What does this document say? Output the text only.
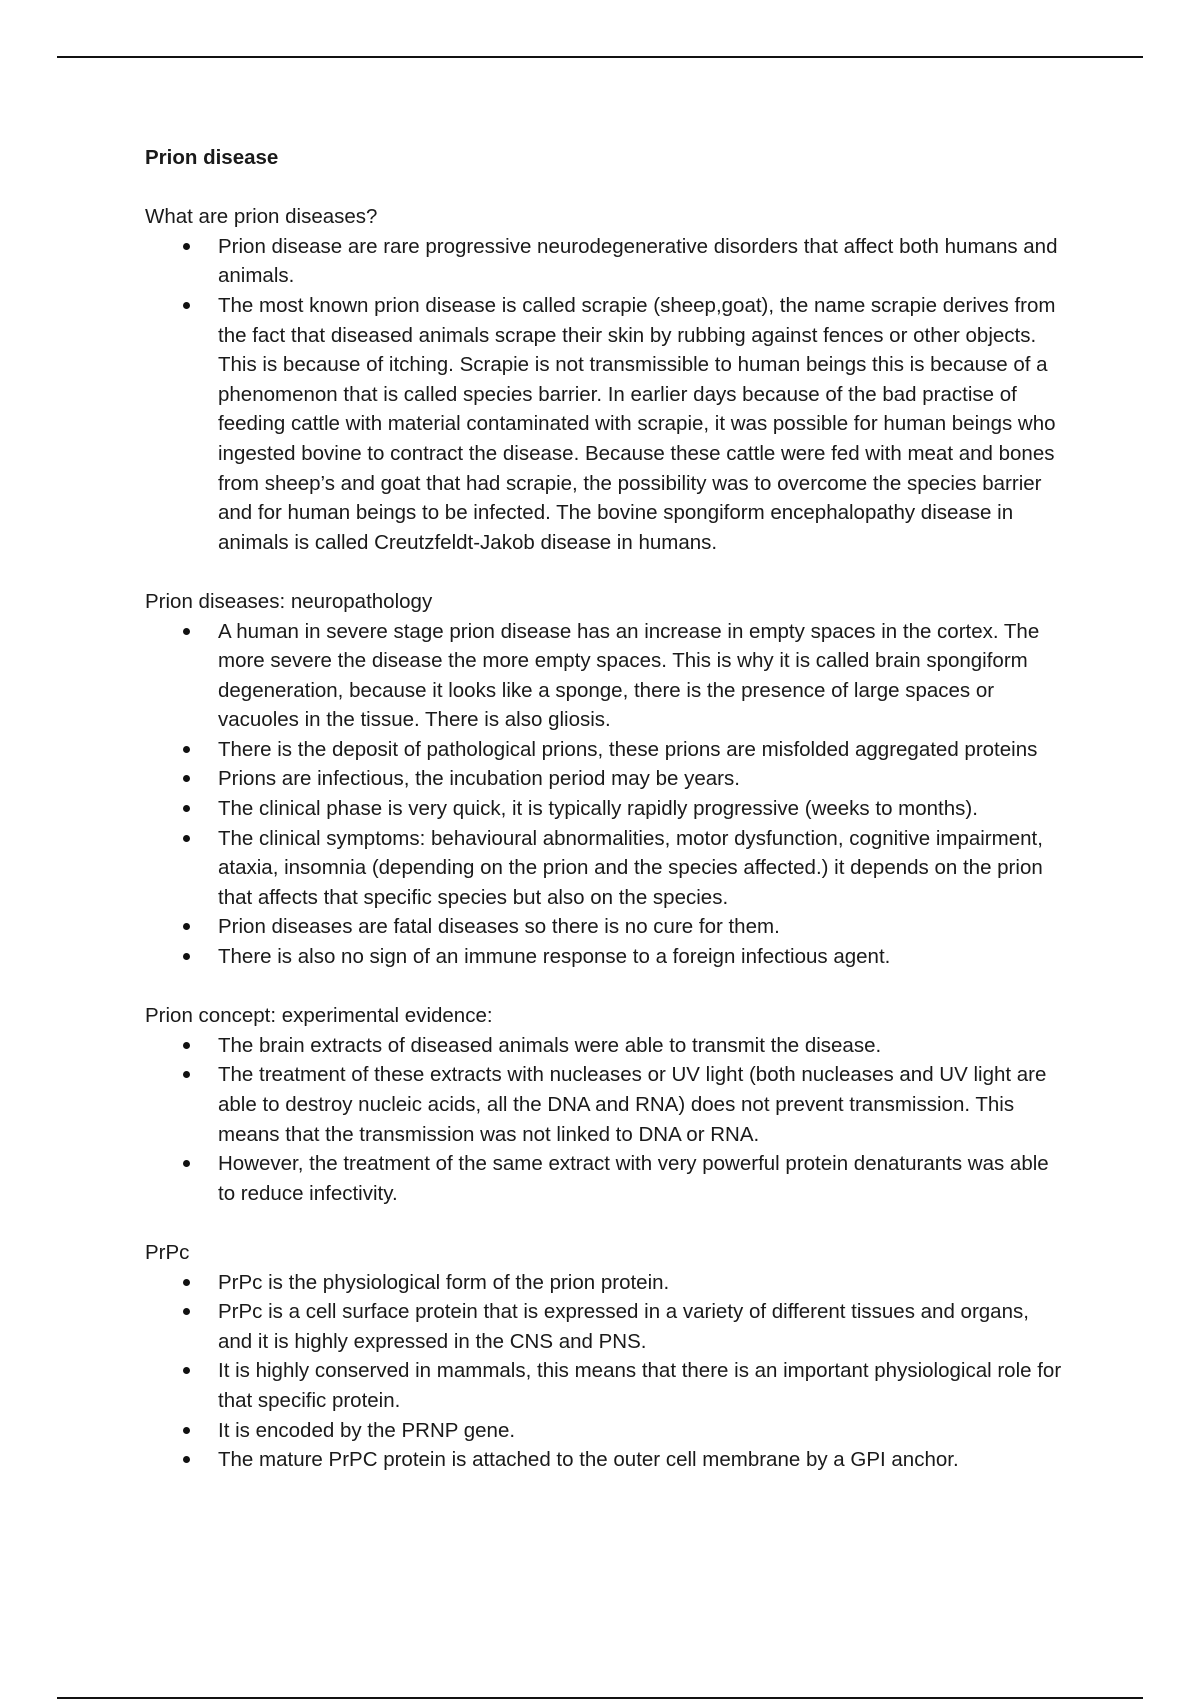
Prion disease
What are prion diseases?
Prion disease are rare progressive neurodegenerative disorders that affect both humans and animals.
The most known prion disease is called scrapie (sheep,goat), the name scrapie derives from the fact that diseased animals scrape their skin by rubbing against fences or other objects. This is because of itching. Scrapie is not transmissible to human beings this is because of a phenomenon that is called species barrier. In earlier days because of the bad practise of feeding cattle with material contaminated with scrapie, it was possible for human beings who ingested bovine to contract the disease. Because these cattle were fed with meat and bones from sheep’s and goat that had scrapie, the possibility was to overcome the species barrier and for human beings to be infected. The bovine spongiform encephalopathy disease in animals is called Creutzfeldt-Jakob disease in humans.
Prion diseases: neuropathology
A human in severe stage prion disease has an increase in empty spaces in the cortex. The more severe the disease the more empty spaces. This is why it is called brain spongiform degeneration, because it looks like a sponge, there is the presence of large spaces or vacuoles in the tissue. There is also gliosis.
There is the deposit of pathological prions, these prions are misfolded aggregated proteins
Prions are infectious, the incubation period may be years.
The clinical phase is very quick, it is typically rapidly progressive (weeks to months).
The clinical symptoms: behavioural abnormalities, motor dysfunction, cognitive impairment, ataxia, insomnia (depending on the prion and the species affected.) it depends on the prion that affects that specific species but also on the species.
Prion diseases are fatal diseases so there is no cure for them.
There is also no sign of an immune response to a foreign infectious agent.
Prion concept: experimental evidence:
The brain extracts of diseased animals were able to transmit the disease.
The treatment of these extracts with nucleases or UV light (both nucleases and UV light are able to destroy nucleic acids, all the DNA and RNA) does not prevent transmission. This means that the transmission was not linked to DNA or RNA.
However, the treatment of the same extract with very powerful protein denaturants was able to reduce infectivity.
PrPc
PrPc is the physiological form of the prion protein.
PrPc is a cell surface protein that is expressed in a variety of different tissues and organs, and it is highly expressed in the CNS and PNS.
It is highly conserved in mammals, this means that there is an important physiological role for that specific protein.
It is encoded by the PRNP gene.
The mature PrPC protein is attached to the outer cell membrane by a GPI anchor.
